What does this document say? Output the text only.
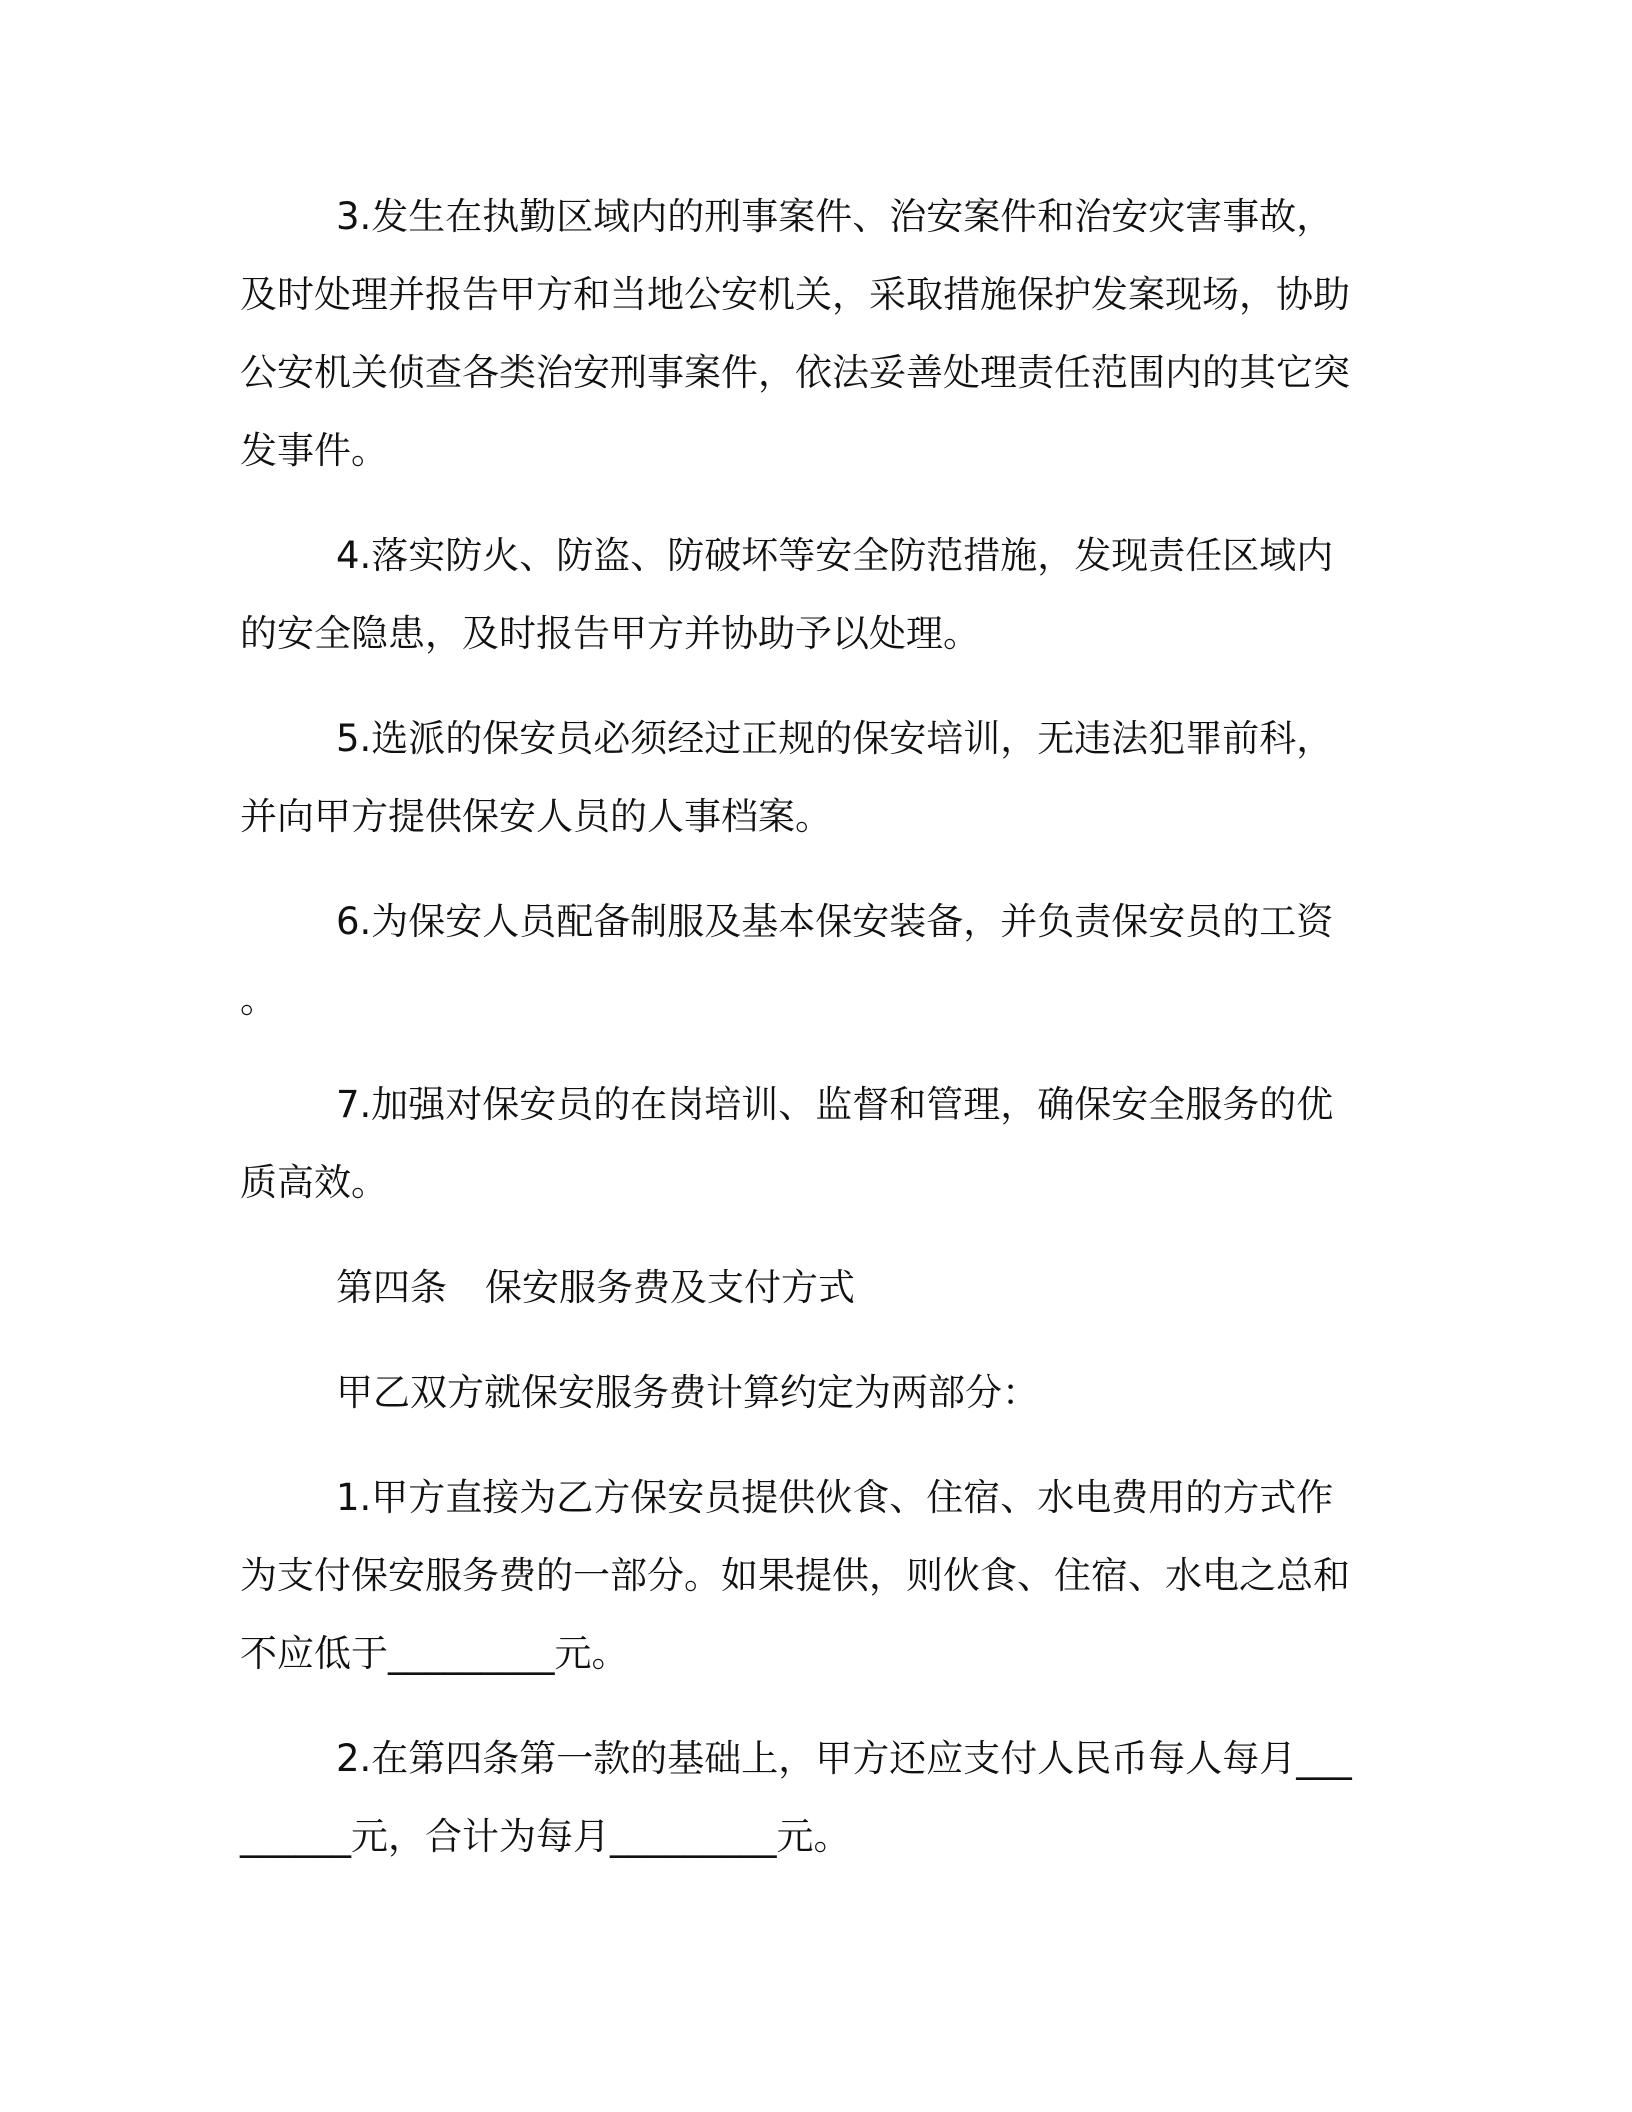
3.发生在执勤区域内的刑事案件、治安案件和治安灾害事故，及时处理并报告甲方和当地公安机关，采取措施保护发案现场，协助公安机关侦查各类治安刑事案件，依法妥善处理责任范围内的其它突发事件。

4.落实防火、防盗、防破坏等安全防范措施，发现责任区域内的安全隐患，及时报告甲方并协助予以处理。

5.选派的保安员必须经过正规的保安培训，无违法犯罪前科，并向甲方提供保安人员的人事档案。

6.为保安人员配备制服及基本保安装备，并负责保安员的工资。

7.加强对保安员的在岗培训、监督和管理，确保安全服务的优质高效。

第四条 保安服务费及支付方式

甲乙双方就保安服务费计算约定为两部分：

1.甲方直接为乙方保安员提供伙食、住宿、水电费用的方式作为支付保安服务费的一部分。如果提供，则伙食、住宿、水电之总和不应低于_________元。

2.在第四条第一款的基础上，甲方还应支付人民币每人每月_________元，合计为每月_________元。
